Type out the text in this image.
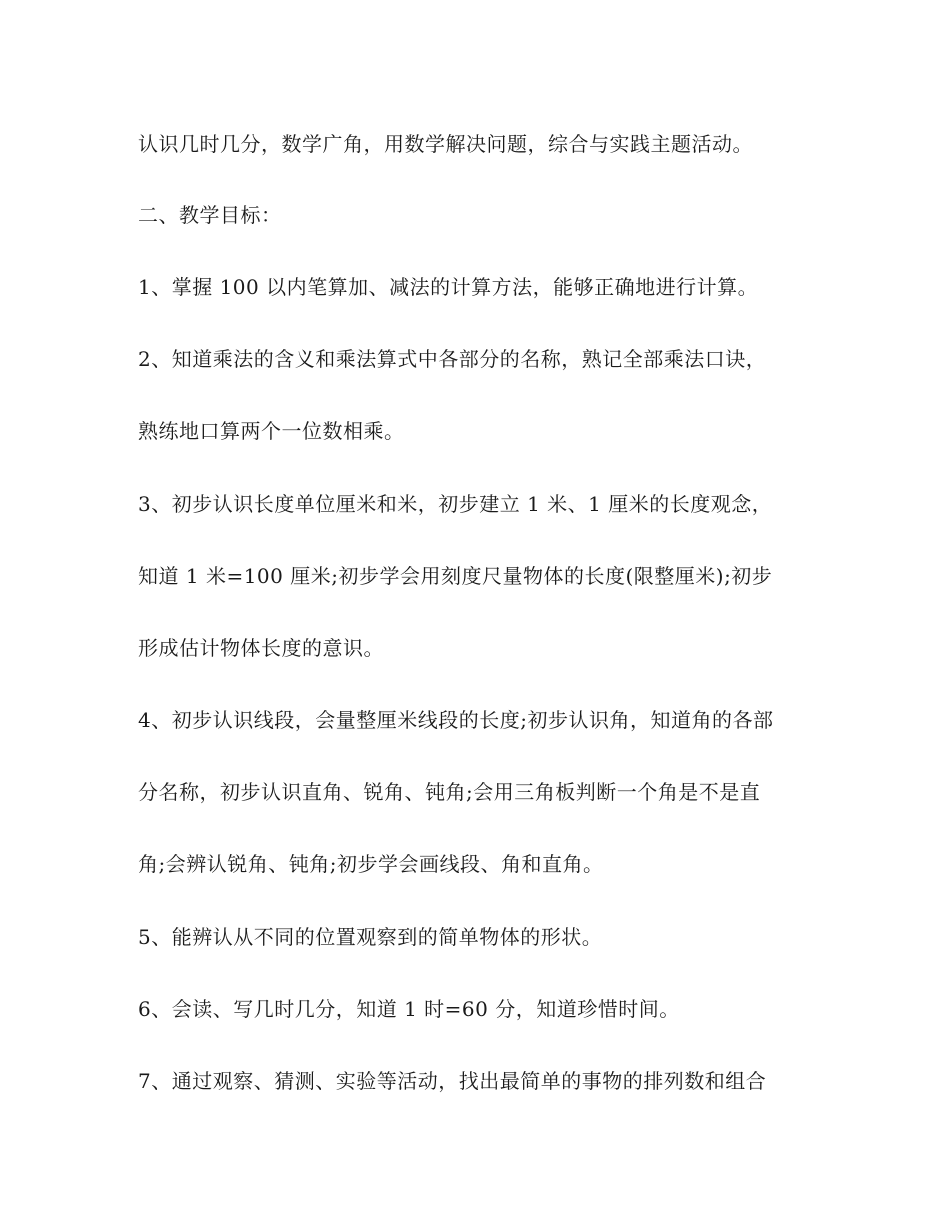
认识几时几分，数学广角，用数学解决问题，综合与实践主题活动。
二、教学目标：
1、掌握 100 以内笔算加、减法的计算方法，能够正确地进行计算。
2、知道乘法的含义和乘法算式中各部分的名称，熟记全部乘法口诀，
熟练地口算两个一位数相乘。
3、初步认识长度单位厘米和米，初步建立 1 米、1 厘米的长度观念，
知道 1 米=100 厘米;初步学会用刻度尺量物体的长度(限整厘米);初步
形成估计物体长度的意识。
4、初步认识线段，会量整厘米线段的长度;初步认识角，知道角的各部
分名称，初步认识直角、锐角、钝角;会用三角板判断一个角是不是直
角;会辨认锐角、钝角;初步学会画线段、角和直角。
5、能辨认从不同的位置观察到的简单物体的形状。
6、会读、写几时几分，知道 1 时=60 分，知道珍惜时间。
7、通过观察、猜测、实验等活动，找出最简单的事物的排列数和组合
